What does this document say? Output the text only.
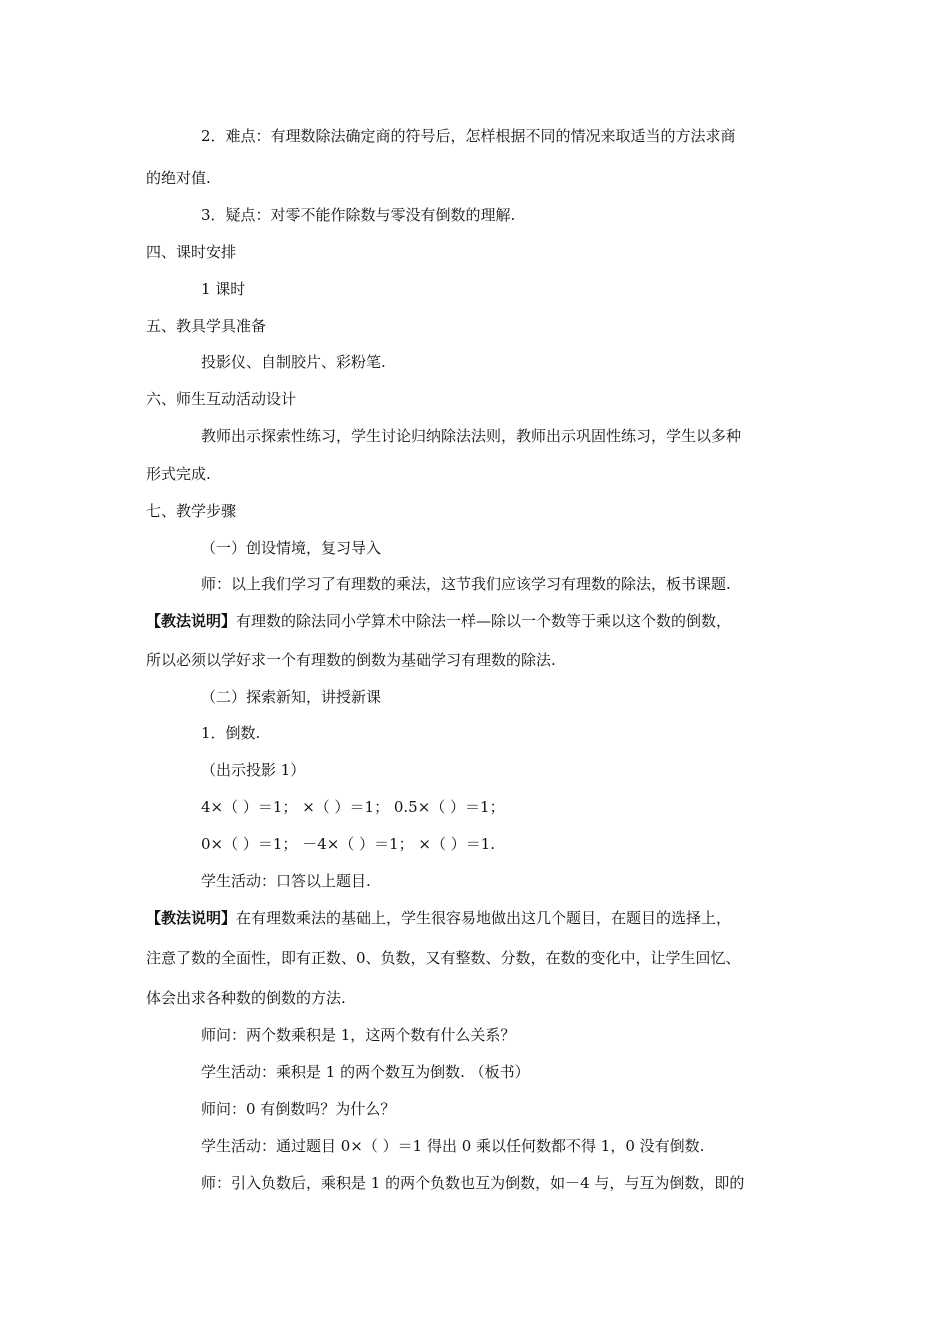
2．难点：有理数除法确定商的符号后，怎样根据不同的情况来取适当的方法求商
的绝对值.
3．疑点：对零不能作除数与零没有倒数的理解.
四、课时安排
1 课时
五、教具学具准备
投影仪、自制胶片、彩粉笔.
六、师生互动活动设计
教师出示探索性练习，学生讨论归纳除法法则，教师出示巩固性练习，学生以多种
形式完成.
七、教学步骤
（一）创设情境，复习导入
师：以上我们学习了有理数的乘法，这节我们应该学习有理数的除法，板书课题.
【教法说明】有理数的除法同小学算术中除法一样—除以一个数等于乘以这个数的倒数，
所以必须以学好求一个有理数的倒数为基础学习有理数的除法.
（二）探索新知，讲授新课
1．倒数.
（出示投影 1）
4×（ ）＝1； ×（ ）＝1； 0.5×（ ）＝1；
0×（ ）＝1； －4×（ ）＝1； ×（ ）＝1.
学生活动：口答以上题目.
【教法说明】在有理数乘法的基础上，学生很容易地做出这几个题目，在题目的选择上，
注意了数的全面性，即有正数、0、负数，又有整数、分数，在数的变化中，让学生回忆、
体会出求各种数的倒数的方法.
师问：两个数乘积是 1，这两个数有什么关系？
学生活动：乘积是 1 的两个数互为倒数. （板书）
师问：0 有倒数吗？为什么？
学生活动：通过题目 0×（ ）＝1 得出 0 乘以任何数都不得 1，0 没有倒数.
师：引入负数后，乘积是 1 的两个负数也互为倒数，如－4 与，与互为倒数，即的
